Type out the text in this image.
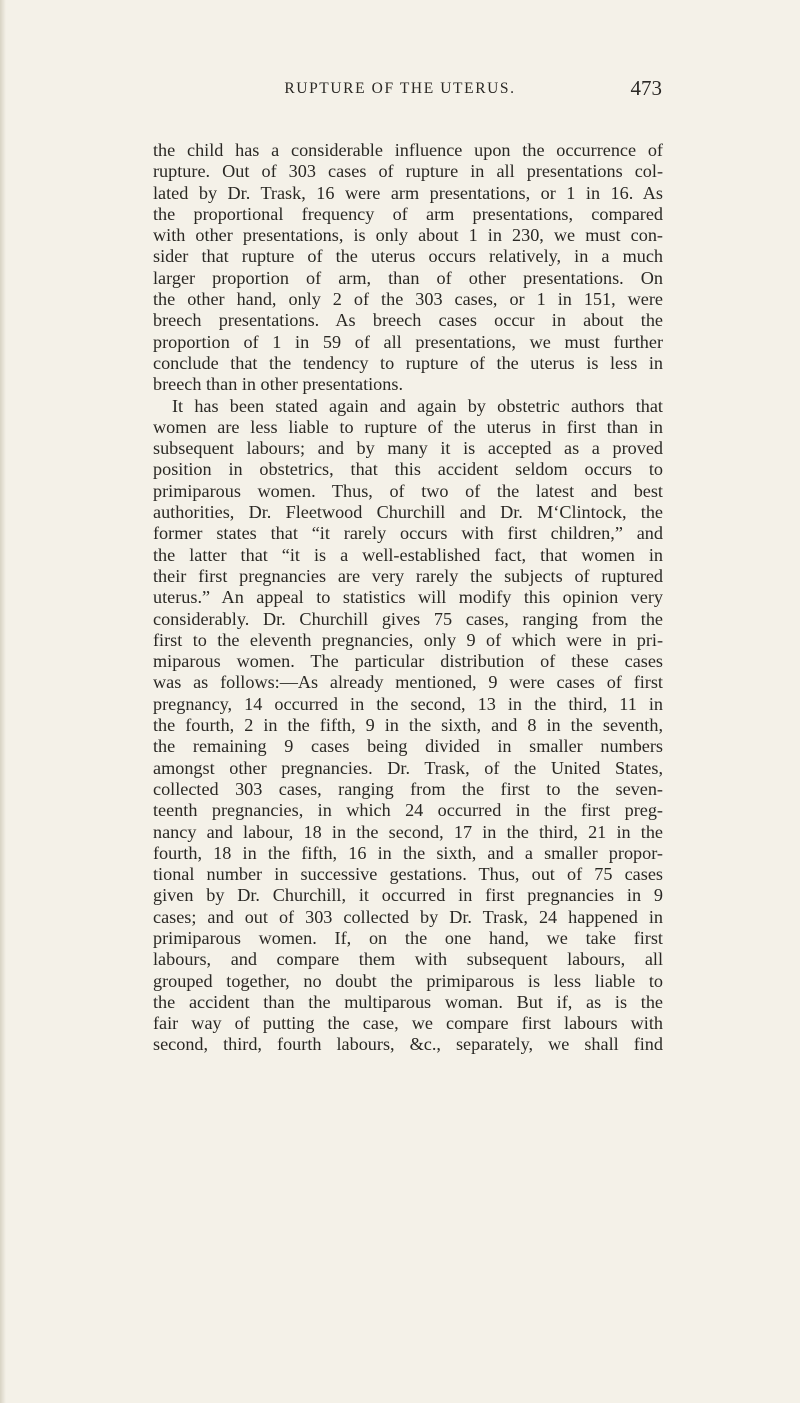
RUPTURE OF THE UTERUS.	473
the child has a considerable influence upon the occurrence of
rupture. Out of 303 cases of rupture in all presentations col-
lated by Dr. Trask, 16 were arm presentations, or 1 in 16. As
the proportional frequency of arm presentations, compared
with other presentations, is only about 1 in 230, we must con-
sider that rupture of the uterus occurs relatively, in a much
larger proportion of arm, than of other presentations. On
the other hand, only 2 of the 303 cases, or 1 in 151, were
breech presentations. As breech cases occur in about the
proportion of 1 in 59 of all presentations, we must further
conclude that the tendency to rupture of the uterus is less in
breech than in other presentations.
It has been stated again and again by obstetric authors that
women are less liable to rupture of the uterus in first than in
subsequent labours; and by many it is accepted as a proved
position in obstetrics, that this accident seldom occurs to
primiparous women. Thus, of two of the latest and best
authorities, Dr. Fleetwood Churchill and Dr. M‘Clintock, the
former states that “it rarely occurs with first children,” and
the latter that “it is a well-established fact, that women in
their first pregnancies are very rarely the subjects of ruptured
uterus.” An appeal to statistics will modify this opinion very
considerably. Dr. Churchill gives 75 cases, ranging from the
first to the eleventh pregnancies, only 9 of which were in pri-
miparous women. The particular distribution of these cases
was as follows:—As already mentioned, 9 were cases of first
pregnancy, 14 occurred in the second, 13 in the third, 11 in
the fourth, 2 in the fifth, 9 in the sixth, and 8 in the seventh,
the remaining 9 cases being divided in smaller numbers
amongst other pregnancies. Dr. Trask, of the United States,
collected 303 cases, ranging from the first to the seven-
teenth pregnancies, in which 24 occurred in the first preg-
nancy and labour, 18 in the second, 17 in the third, 21 in the
fourth, 18 in the fifth, 16 in the sixth, and a smaller propor-
tional number in successive gestations. Thus, out of 75 cases
given by Dr. Churchill, it occurred in first pregnancies in 9
cases; and out of 303 collected by Dr. Trask, 24 happened in
primiparous women. If, on the one hand, we take first
labours, and compare them with subsequent labours, all
grouped together, no doubt the primiparous is less liable to
the accident than the multiparous woman. But if, as is the
fair way of putting the case, we compare first labours with
second, third, fourth labours, &c., separately, we shall find
